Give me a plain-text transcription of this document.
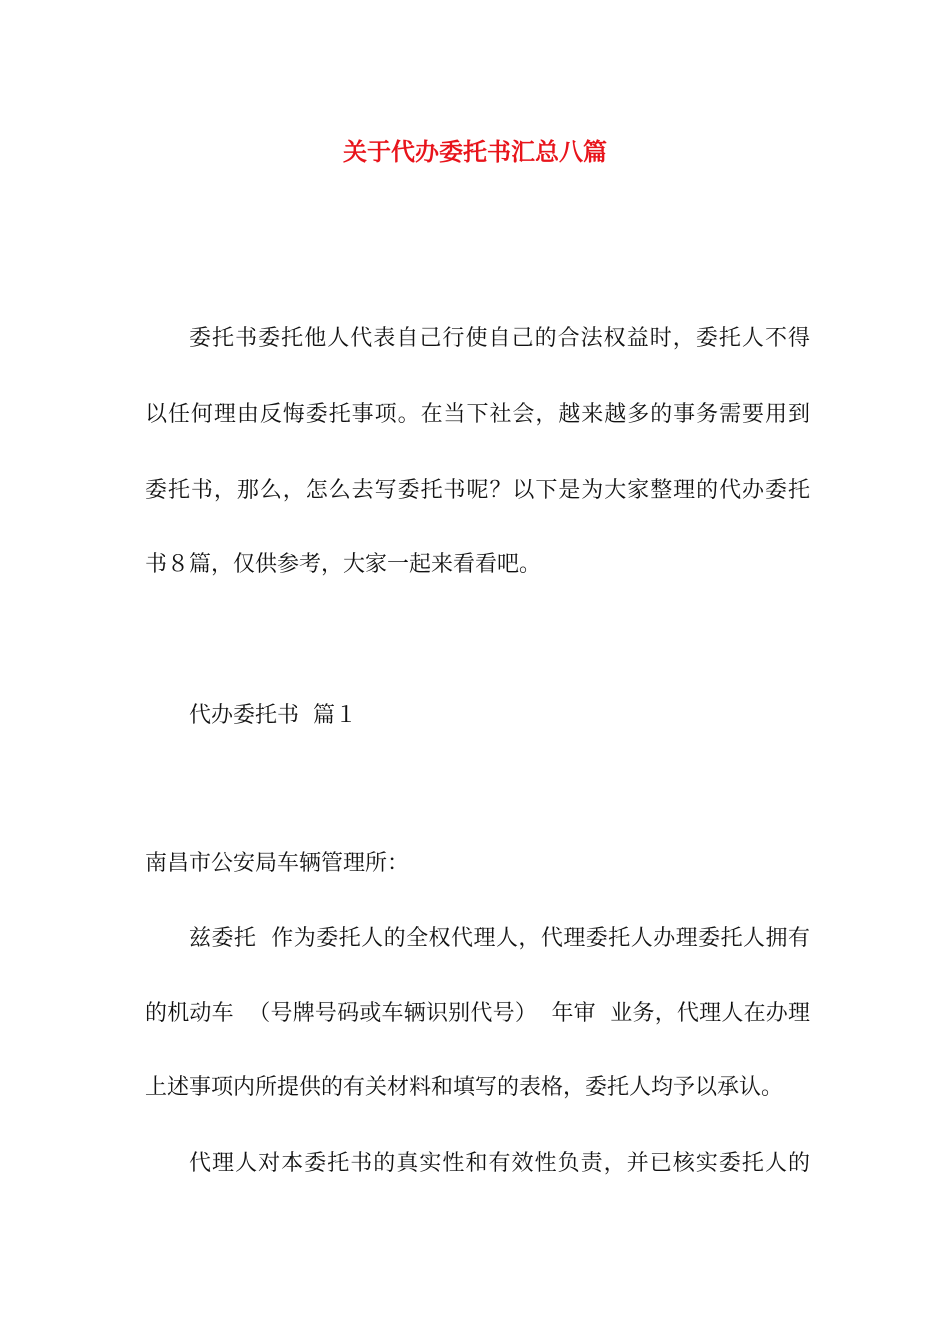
关于代办委托书汇总八篇
委托书委托他人代表自己行使自己的合法权益时，委托人不得
以任何理由反悔委托事项。在当下社会，越来越多的事务需要用到
委托书，那么，怎么去写委托书呢？以下是为大家整理的代办委托
书８篇，仅供参考，大家一起来看看吧。
代办委托书  篇１
南昌市公安局车辆管理所：
兹委托  作为委托人的全权代理人，代理委托人办理委托人拥有
的机动车  （号牌号码或车辆识别代号）  年审  业务，代理人在办理
上述事项内所提供的有关材料和填写的表格，委托人均予以承认。
代理人对本委托书的真实性和有效性负责，并已核实委托人的
